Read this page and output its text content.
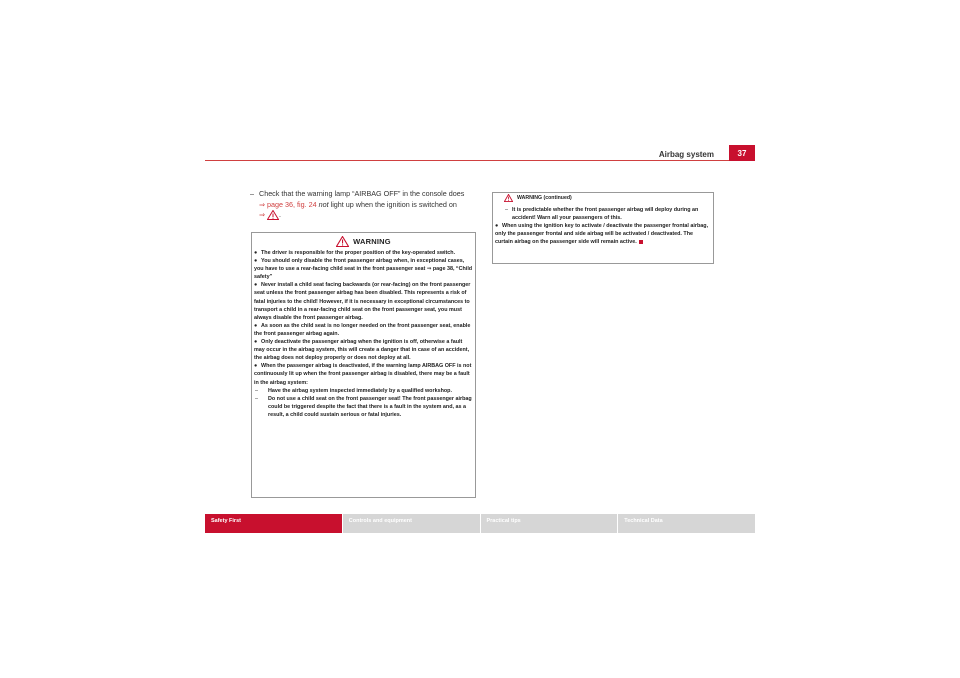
Airbag system	37
– Check that the warning lamp “AIRBAG OFF” in the console does
⇒ page 36, fig. 24 not light up when the ignition is switched on
⇒ .
WARNING
● The driver is responsible for the proper position of the key-operated switch.
● You should only disable the front passenger airbag when, in exceptional cases, you have to use a rear-facing child seat in the front passenger seat ⇒ page 38, “Child safety”
● Never install a child seat facing backwards (or rear-facing) on the front passenger seat unless the front passenger airbag has been disabled. This represents a risk of fatal injuries to the child! However, if it is necessary in exceptional circumstances to transport a child in a rear-facing child seat on the front passenger seat, you must always disable the front passenger airbag.
● As soon as the child seat is no longer needed on the front passenger seat, enable the front passenger airbag again.
● Only deactivate the passenger airbag when the ignition is off, otherwise a fault may occur in the airbag system, this will create a danger that in case of an accident, the airbag does not deploy properly or does not deploy at all.
● When the passenger airbag is deactivated, if the warning lamp AIRBAG OFF is not continuously lit up when the front passenger airbag is disabled, there may be a fault in the airbag system:
–	Have the airbag system inspected immediately by a qualified workshop.
–	Do not use a child seat on the front passenger seat! The front passenger airbag could be triggered despite the fact that there is a fault in the system and, as a result, a child could sustain serious or fatal injuries.
WARNING (continued)
– It is predictable whether the front passenger airbag will deploy during an accident! Warn all your passengers of this.
● When using the ignition key to activate / deactivate the passenger frontal airbag, only the passenger frontal and side airbag will be activated / deactivated. The curtain airbag on the passenger side will remain active.
Safety First	Controls and equipment	Practical tips	Technical Data
